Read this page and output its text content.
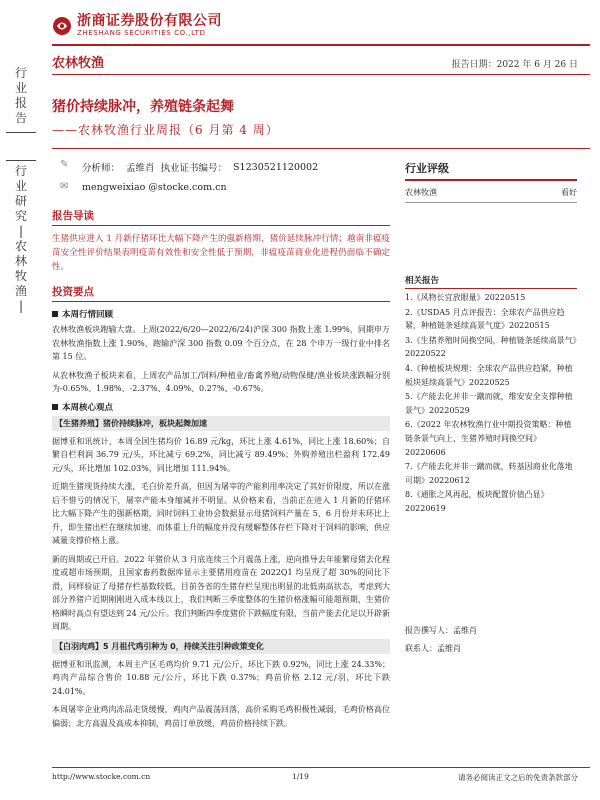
浙商证券股份有限公司
ZHESHANG SECURITIES CO.,LTD
农林牧渔	报告日期：2022 年 6 月 26 日
行
业
报
告
行
业
研
究
|
农
林
牧
渔
|
猪价持续脉冲，养殖链条起舞
——农林牧渔行业周报（6 月第 4 周）
✎ 分析师： 孟维肖 执业证书编号： S1230521120002
✉ mengweixiao @stocke.com.cn
报告导读
生猪供应进入 1 月新仔猪环比大幅下降产生的强新格期，猪价延续脉冲行情；越南非瘟疫苗安全性评价结果表明疫苗有效性和安全性低于预期，非瘟疫苗商业化进程仍面临不确定性。
投资要点
本周行情回顾

农林牧渔板块跑输大盘。上周(2022/6/20—2022/6/24)沪深 300 指数上涨 1.99%，同期申万农林牧渔指数上涨 1.90%，跑输沪深 300 指数 0.09 个百分点，在 28 个申万一级行业中排名第 15 位。

从农林牧渔子板块来看，上周农产品加工/饲料/种植业/畜禽养殖/动物保健/渔业板块涨跌幅分别为-0.65%、1.98%、-2.37%、4.09%、0.27%、-0.67%。

本周核心观点
【生猪养殖】猪价持续脉冲，板块起舞加速

据博亚和讯统计，本周全国生猪均价 16.89 元/kg，环比上涨 4.61%，同比上涨 18.60%；自繁自栏利润 36.79 元/头，环比减亏 69.2%，同比减亏 89.49%；外购养殖出栏盈利 172.49 元/头，环比增加 102.03%，同比增加 111.94%。

近期生猪现货持续大涨，毛白价差升高，但因为屠宰的产能利用率决定了其好价限度，所以在涨后不惜亏的情况下，屠宰产能本身缩减并不明显。从价格来看，当前正在进入 1 月新的仔猪环比大幅下降产生的强新格期，同时饲料工业协会数据显示母猪饲料产量在 5、6 月份并未环比上升，即生猪出栏在继续加速，而体重上升的幅度并没有缓解整体存栏下降对于饲料的影响，供应减量支撑价格上涨。

新的周期或已开启。2022 年猪价从 3 月底连续三个月震荡上涨，逆向推导去年能繁母猪去化程度或超市场预期，且国家畜药数据库显示主要猪用疫苗在 2022Q1 均呈现了超 30%的同比下滑，同样验证了母猪存栏基数较低，目前各省的生猪存栏呈现出明显的北低南高状态，考虑到大部分养猪户近期刚刚进入成本线以上，我们判断三季度整体的生猪价格涨幅可能超预期，生猪价格瞬时高点有望达到 24 元/公斤。我们判断四季度猪价下跌幅度有限，当前产能去化足以开辟新周期。

【白羽肉鸡】5 月祖代鸡引种为 0，持续关注引种政策变化

据博亚和讯监测，本周主产区毛鸡均价 9.71 元/公斤，环比下跌 0.92%，同比上涨 24.33%；鸡肉产品综合售价 10.88 元/公斤，环比下跌 0.37%；鸡苗价格 2.12 元/羽，环比下跌 24.01%。

本周屠宰企业鸡肉冻品走货缓慢，鸡肉产品震荡回落，高价采购毛鸡积极性减弱，毛鸡价格高位偏弱；北方高温及高成本抑制，鸡苗订单放缓，鸡苗价格持续下跌。

行业评级
农林牧渔	看好
相关报告
1.《风物长宜放眼量》20220515
2.《USDA5 月点评报告：全球农产品供应趋紧，种植链条延续高景气度》20220515
3.《生猪养殖时间换空间，种植链条延续高景气》20220522
4.《种植板块规理：全球农产品供应趋紧，种植板块延续高景气》20220525
5.《产能去化并非一蹴而就，维安安全支撑种植景气》20220529
6.《2022 年农林牧渔行业中期投资策略：种植链条景气向上，生猪养殖时间换空间》20220606
7.《产能去化并非一蹴而就，转基因商业化落地可期》20220612
8.《通胀之风再起，板块配置价值凸显》20220619
报告撰写人：孟维肖
联系人：孟维肖
http://www.stocke.com.cn	1/19	请务必阅读正文之后的免责条款部分
